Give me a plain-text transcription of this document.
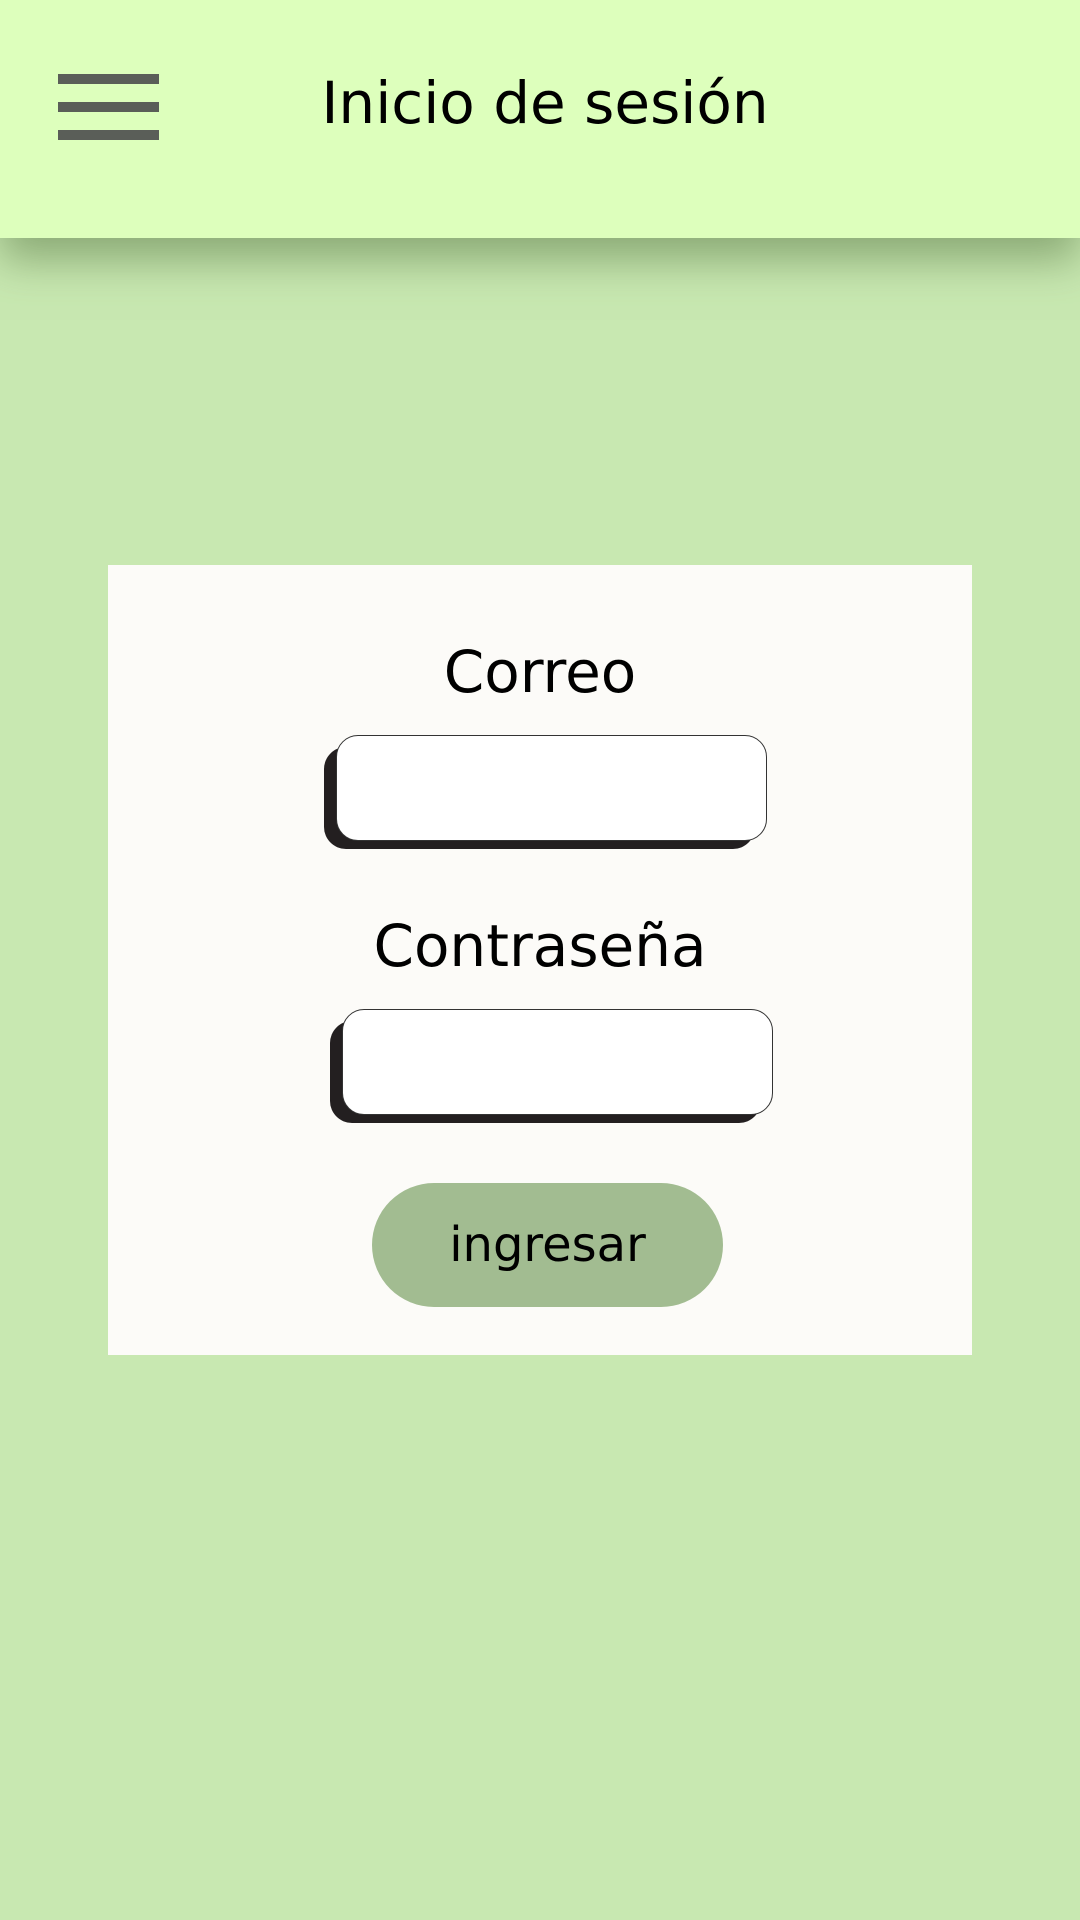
Inicio de sesión
Correo
Contraseña
ingresar
